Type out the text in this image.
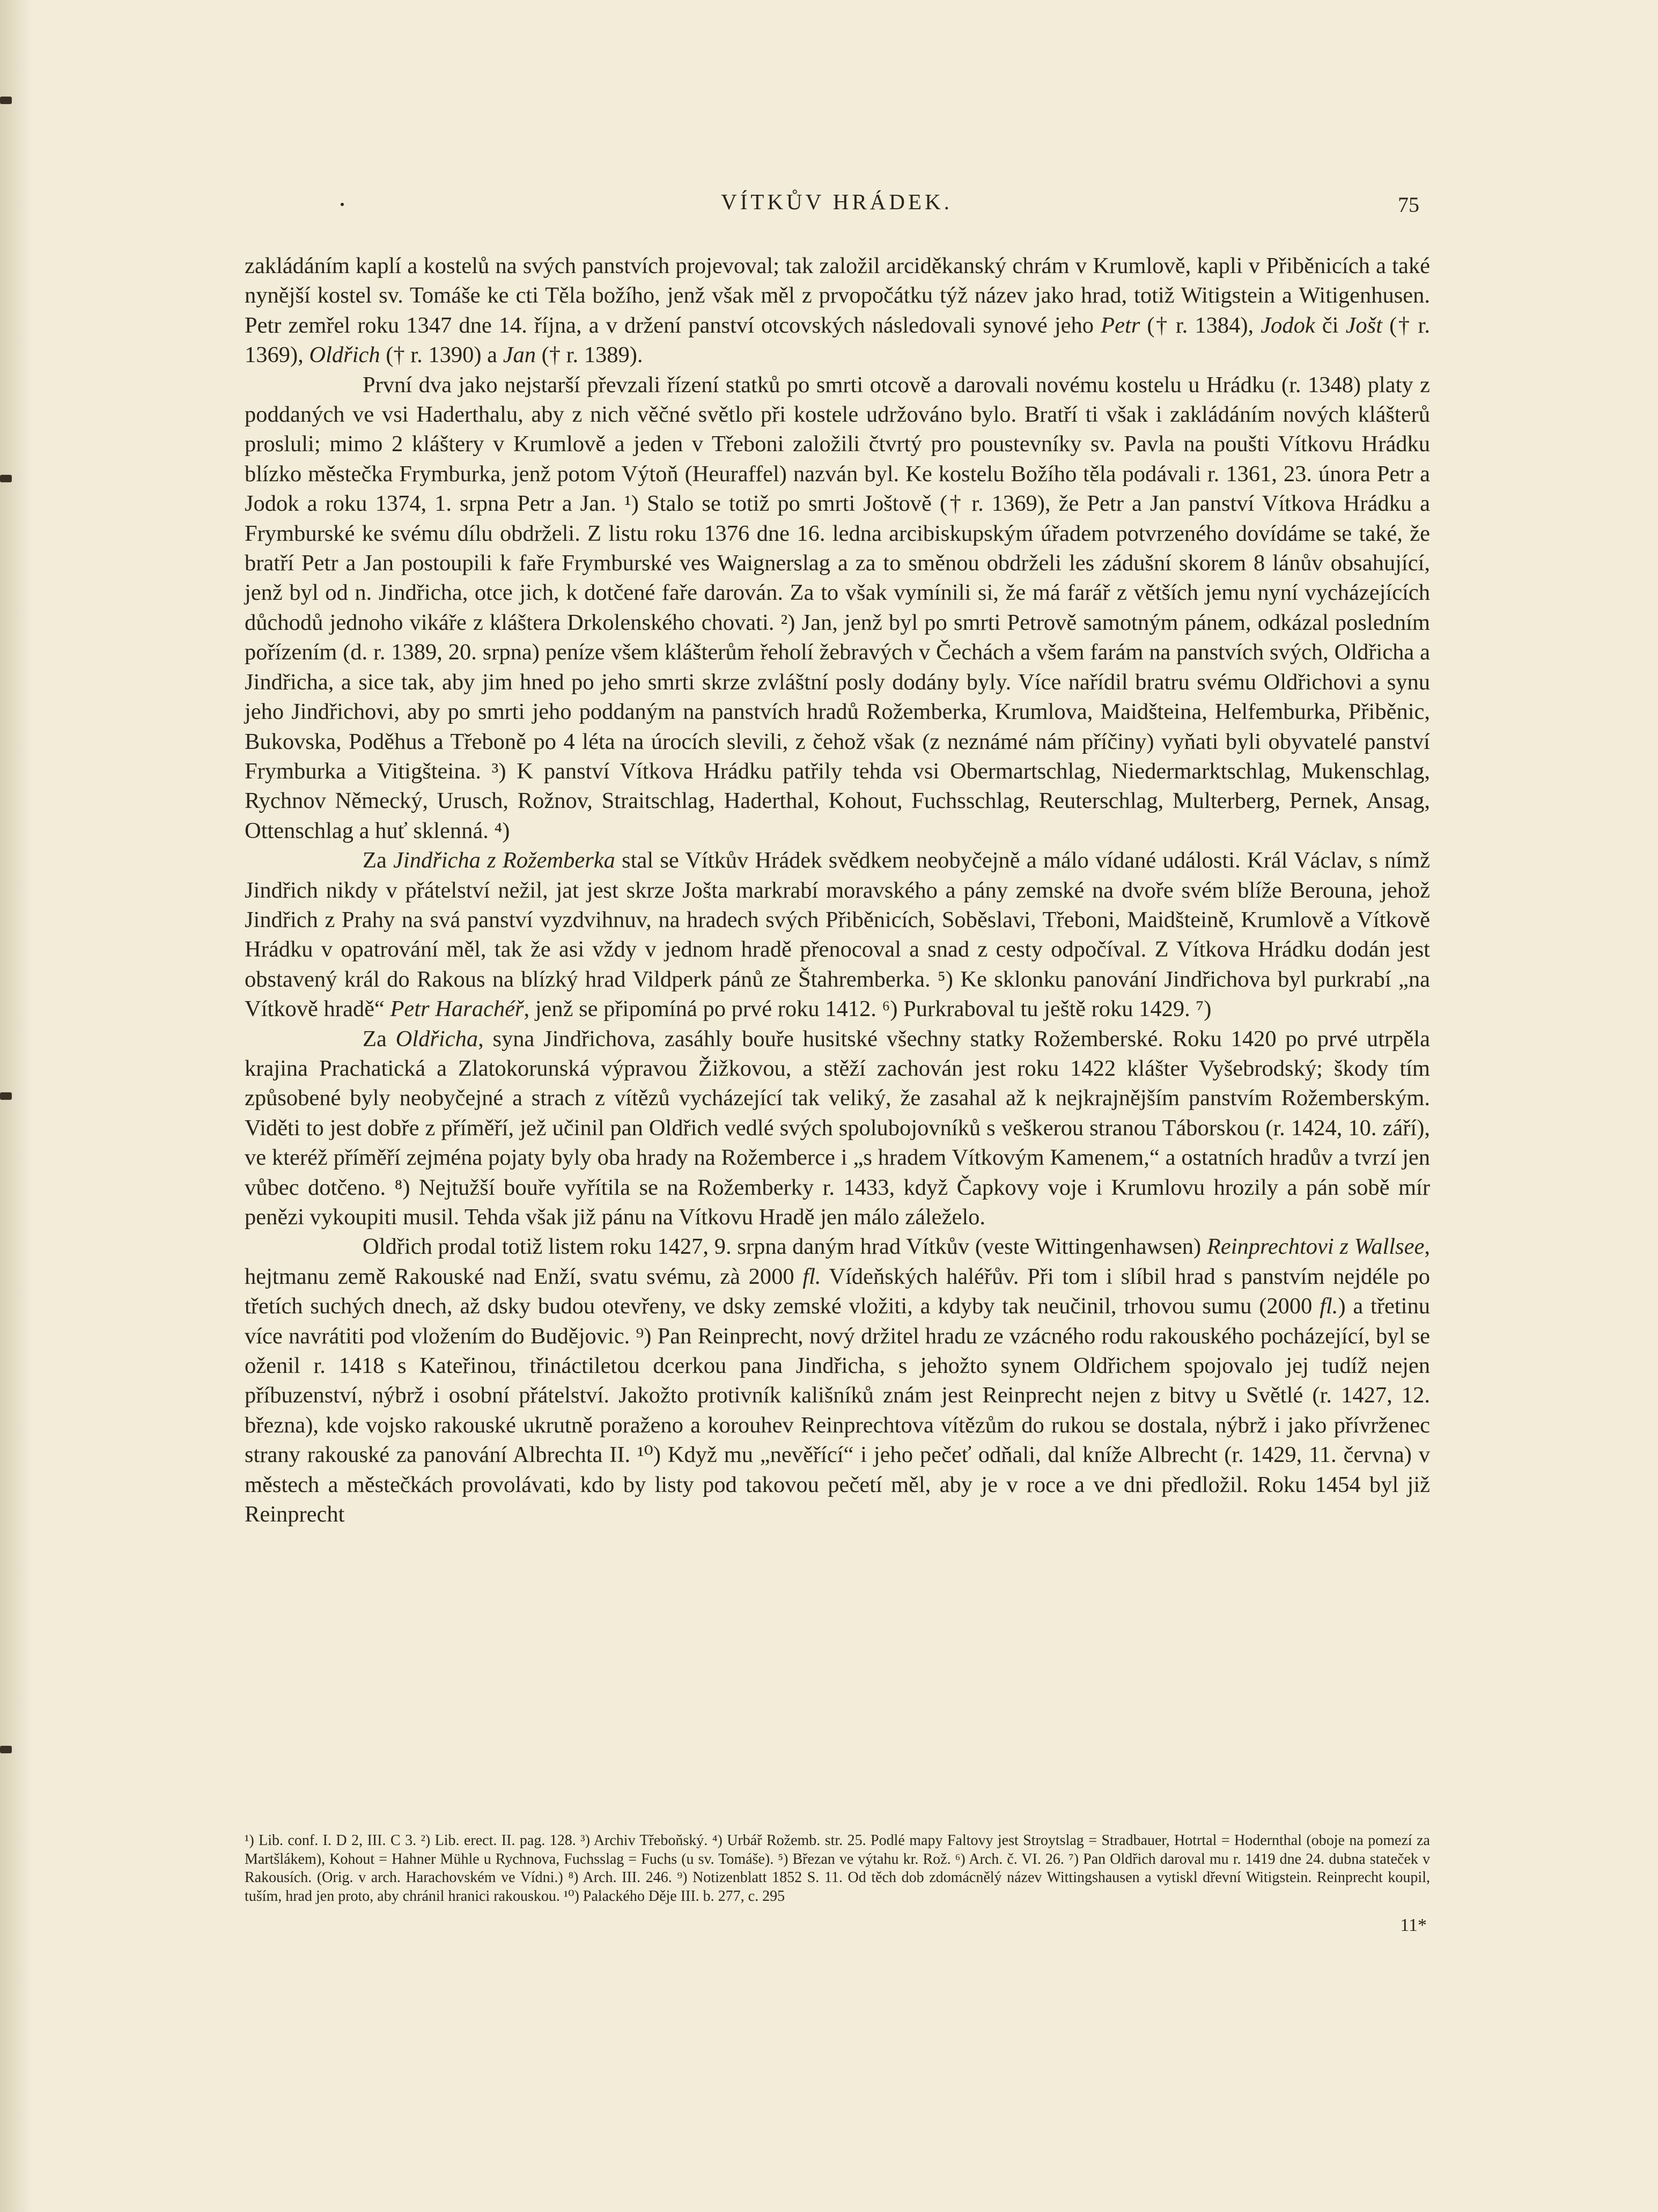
VÍTKŮV HRÁDEK.	75

zakládáním kaplí a kostelů na svých panstvích projevoval; tak založil arciděkanský chrám v Krumlově, kapli v Přiběnicích a také nynější kostel sv. Tomáše ke cti Těla božího, jenž však měl z prvopočátku týž název jako hrad, totiž Witigstein a Witigenhusen. Petr zemřel roku 1347 dne 14. října, a v držení panství otcovských následovali synové jeho Petr († r. 1384), Jodok či Jošt († r. 1369), Oldřich († r. 1390) a Jan († r. 1389).

První dva jako nejstarší převzali řízení statků po smrti otcově a darovali novému kostelu u Hrádku (r. 1348) platy z poddaných ve vsi Haderthalu, aby z nich věčné světlo při kostele udržováno bylo. Bratří ti však i zakládáním nových klášterů prosluli; mimo 2 kláštery v Krumlově a jeden v Třeboni založili čtvrtý pro poustevníky sv. Pavla na poušti Vítkovu Hrádku blízko městečka Frymburka, jenž potom Výtoň (Heuraffel) nazván byl. Ke kostelu Božího těla podávali r. 1361, 23. února Petr a Jodok a roku 1374, 1. srpna Petr a Jan. ¹) Stalo se totiž po smrti Joštově († r. 1369), že Petr a Jan panství Vítkova Hrádku a Frymburské ke svému dílu obdrželi. Z listu roku 1376 dne 16. ledna arcibiskupským úřadem potvrzeného dovídáme se také, že bratří Petr a Jan postoupili k faře Frymburské ves Waignerslag a za to směnou obdrželi les zádušní skorem 8 lánův obsahující, jenž byl od n. Jindřicha, otce jich, k dotčené faře darován. Za to však vymínili si, že má farář z větších jemu nyní vycházejících důchodů jednoho vikáře z kláštera Drkolenského chovati. ²) Jan, jenž byl po smrti Petrově samotným pánem, odkázal posledním pořízením (d. r. 1389, 20. srpna) peníze všem klášterům řeholí žebravých v Čechách a všem farám na panstvích svých, Oldřicha a Jindřicha, a sice tak, aby jim hned po jeho smrti skrze zvláštní posly dodány byly. Více nařídil bratru svému Oldřichovi a synu jeho Jindřichovi, aby po smrti jeho poddaným na panstvích hradů Rožemberka, Krumlova, Maidšteina, Helfemburka, Přiběnic, Bukovska, Poděhus a Třeboně po 4 léta na úrocích slevili, z čehož však (z neznámé nám příčiny) vyňati byli obyvatelé panství Frymburka a Vitigšteina. ³) K panství Vítkova Hrádku patřily tehda vsi Obermartschlag, Niedermarktschlag, Mukenschlag, Rychnov Německý, Urusch, Rožnov, Straitschlag, Haderthal, Kohout, Fuchsschlag, Reuterschlag, Multerberg, Pernek, Ansag, Ottenschlag a huť sklenná. ⁴)

Za Jindřicha z Rožemberka stal se Vítkův Hrádek svědkem neobyčejně a málo vídané události. Král Václav, s nímž Jindřich nikdy v přátelství nežil, jat jest skrze Jošta markrabí moravského a pány zemské na dvoře svém blíže Berouna, jehož Jindřich z Prahy na svá panství vyzdvihnuv, na hradech svých Přiběnicích, Soběslavi, Třeboni, Maidšteině, Krumlově a Vítkově Hrádku v opatrování měl, tak že asi vždy v jednom hradě přenocoval a snad z cesty odpočíval. Z Vítkova Hrádku dodán jest obstavený král do Rakous na blízký hrad Vildperk pánů ze Štahremberka. ⁵) Ke sklonku panování Jindřichova byl purkrabí „na Vítkově hradě“ Petr Harachéř, jenž se připomíná po prvé roku 1412. ⁶) Purkraboval tu ještě roku 1429. ⁷)

Za Oldřicha, syna Jindřichova, zasáhly bouře husitské všechny statky Rožemberské. Roku 1420 po prvé utrpěla krajina Prachatická a Zlatokorunská výpravou Žižkovou, a stěží zachován jest roku 1422 klášter Vyšebrodský; škody tím způsobené byly neobyčejné a strach z vítězů vycházející tak veliký, že zasahal až k nejkrajnějším panstvím Rožemberským. Viděti to jest dobře z příměří, jež učinil pan Oldřich vedlé svých spolubojovníků s veškerou stranou Táborskou (r. 1424, 10. září), ve kteréž příměří zejména pojaty byly oba hrady na Rožemberce i „s hradem Vítkovým Kamenem,“ a ostatních hradův a tvrzí jen vůbec dotčeno. ⁸) Nejtužší bouře vyřítila se na Rožemberky r. 1433, když Čapkovy voje i Krumlovu hrozily a pán sobě mír penězi vykoupiti musil. Tehda však již pánu na Vítkovu Hradě jen málo záleželo.

Oldřich prodal totiž listem roku 1427, 9. srpna daným hrad Vítkův (veste Wittingenhawsen) Reinprechtovi z Wallsee, hejtmanu země Rakouské nad Enží, svatu svému, zà 2000 fl. Vídeňských haléřův. Při tom i slíbil hrad s panstvím nejdéle po třetích suchých dnech, až dsky budou otevřeny, ve dsky zemské vložiti, a kdyby tak neučinil, trhovou sumu (2000 fl.) a třetinu více navrátiti pod vložením do Budějovic. ⁹) Pan Reinprecht, nový držitel hradu ze vzácného rodu rakouského pocházející, byl se oženil r. 1418 s Kateřinou, třináctiletou dcerkou pana Jindřicha, s jehožto synem Oldřichem spojovalo jej tudíž nejen příbuzenství, nýbrž i osobní přátelství. Jakožto protivník kališníků znám jest Reinprecht nejen z bitvy u Světlé (r. 1427, 12. března), kde vojsko rakouské ukrutně poraženo a korouhev Reinprechtova vítězům do rukou se dostala, nýbrž i jako přívrženec strany rakouské za panování Albrechta II. ¹⁰) Když mu „nevěřící“ i jeho pečeť odňali, dal kníže Albrecht (r. 1429, 11. června) v městech a městečkách provolávati, kdo by listy pod takovou pečetí měl, aby je v roce a ve dni předložil. Roku 1454 byl již Reinprecht

¹) Lib. conf. I. D 2, III. C 3. ²) Lib. erect. II. pag. 128. ³) Archiv Třeboňský. ⁴) Urbář Rožemb. str. 25. Podlé mapy Faltovy jest Stroytslag = Stradbauer, Hotrtal = Hodernthal (oboje na pomezí za Martšlákem), Kohout = Hahner Mühle u Rychnova, Fuchsslag = Fuchs (u sv. Tomáše). ⁵) Březan ve výtahu kr. Rož. ⁶) Arch. č. VI. 26. ⁷) Pan Oldřich daroval mu r. 1419 dne 24. dubna stateček v Rakousích. (Orig. v arch. Harachovském ve Vídni.) ⁸) Arch. III. 246. ⁹) Notizenblatt 1852 S. 11. Od těch dob zdomácnělý název Wittingshausen a vytiskl dřevní Witigstein. Reinprecht koupil, tuším, hrad jen proto, aby chránil hranici rakouskou. ¹⁰) Palackého Děje III. b. 277, c. 295
11*
